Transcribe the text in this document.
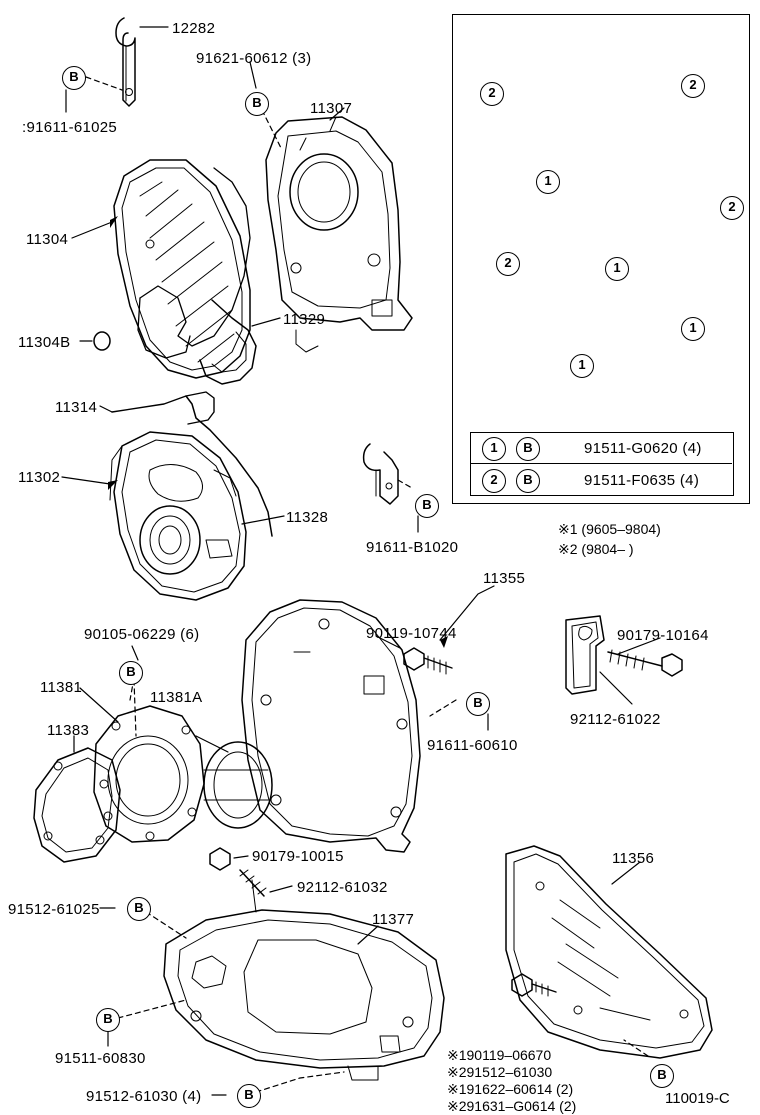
12282
91621-60612 (3)
:91611-61025
11307
11304
11329
11304B
11314
11302
11328
91611-B1020
11355
90105-06229 (6)	90119-10744	90179-10164
11381
11381A
92112-61022
11383
91611-60610
90179-10015	11356
92112-61032
91512-61025
11377
91511-60830
91512-61030 (4)
B
B
B
B
B
B
B
B
B
2
2
1
2
2	1
1
1
1	B	91511-G0620 (4)
2	B	91511-F0635 (4)
※1 (9605–9804)
※2 (9804– )
※190119–06670
※291512–61030
※191622–60614 (2)
※291631–G0614 (2)	110019-C
